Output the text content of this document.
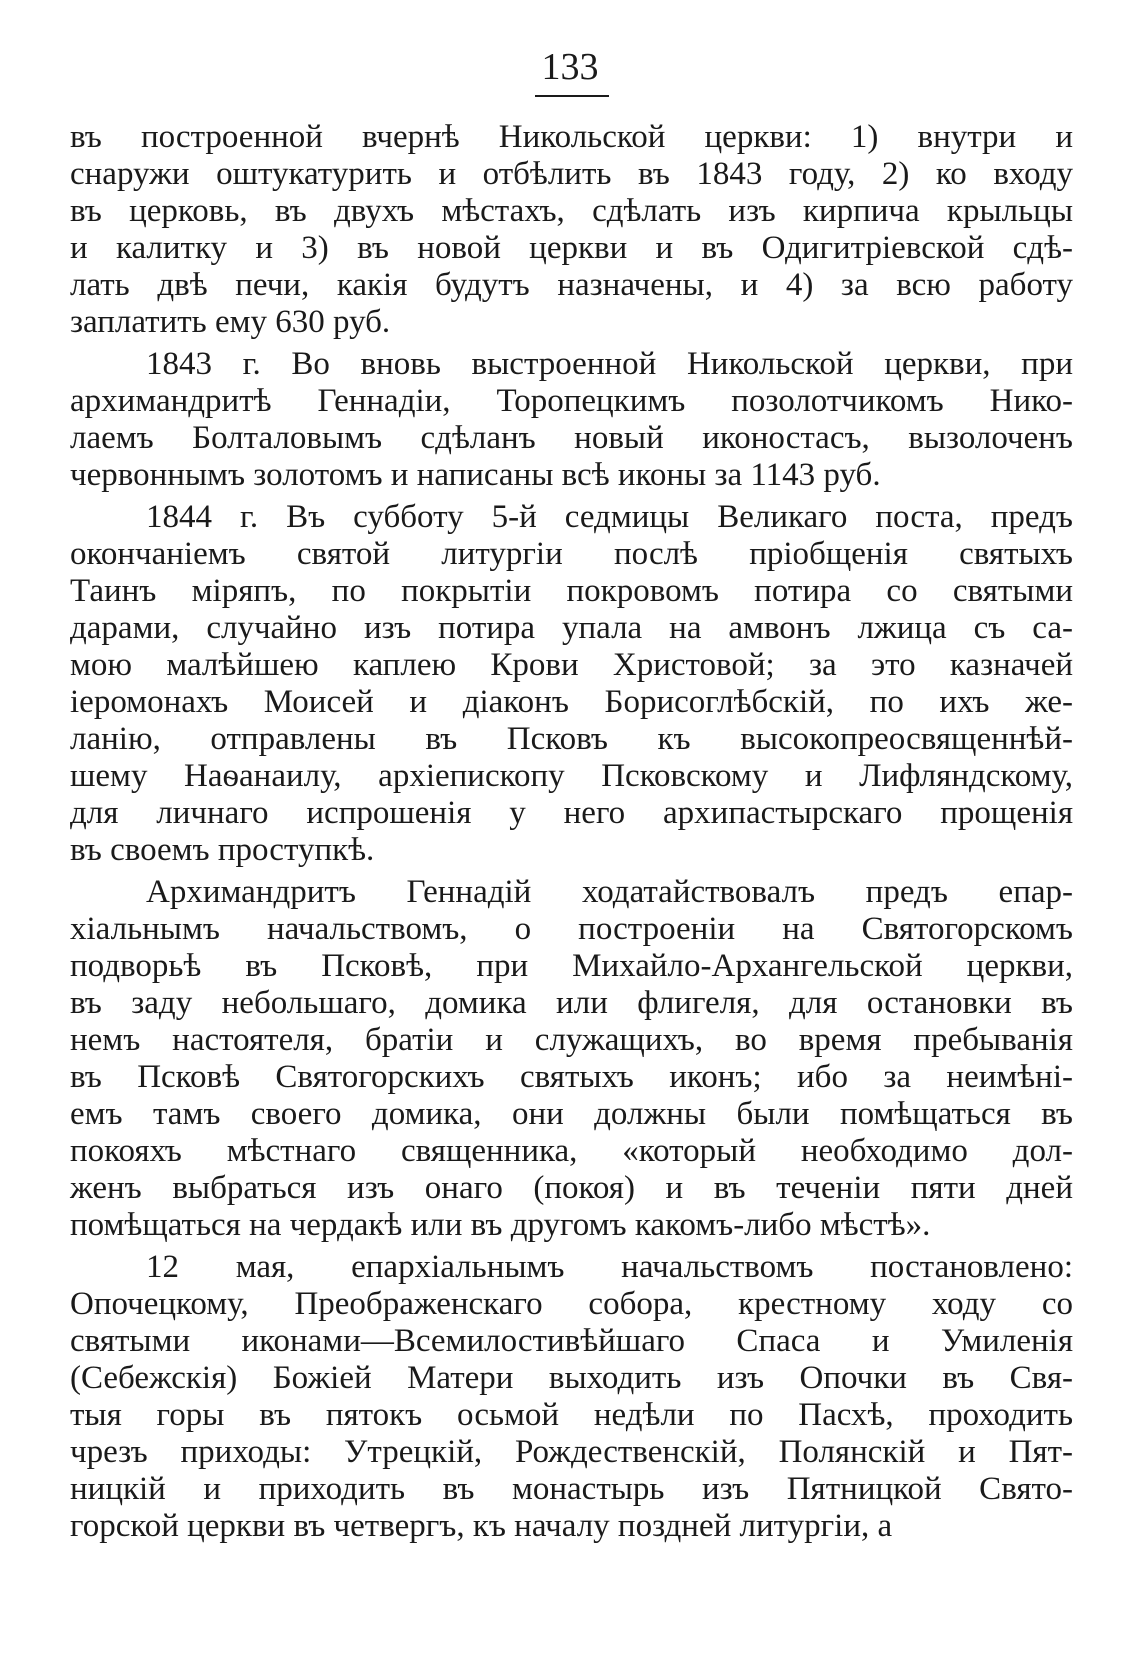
133
въ построенной вчернѣ Никольской церкви: 1) внутри и
снаружи оштукатурить и отбѣлить въ 1843 году, 2) ко входу
въ церковь, въ двухъ мѣстахъ, сдѣлать изъ кирпича крыльцы
и калитку и 3) въ новой церкви и въ Одигитріевской сдѣ-
лать двѣ печи, какія будутъ назначены, и 4) за всю работу
заплатить ему 630 руб.
1843 г. Во вновь выстроенной Никольской церкви, при
архимандритѣ Геннадіи, Торопецкимъ позолотчикомъ Нико-
лаемъ Болталовымъ сдѣланъ новый иконостасъ, вызолоченъ
червоннымъ золотомъ и написаны всѣ иконы за 1143 руб.
1844 г. Въ субботу 5-й седмицы Великаго поста, предъ
окончаніемъ святой литургіи послѣ пріобщенія святыхъ
Таинъ міряпъ, по покрытіи покровомъ потира со святыми
дарами, случайно изъ потира упала на амвонъ лжица съ са-
мою малѣйшею каплею Крови Христовой; за это казначей
іеромонахъ Моисей и діаконъ Борисоглѣбскій, по ихъ же-
ланію, отправлены въ Псковъ къ высокопреосвященнѣй-
шему Наѳанаилу, архіепископу Псковскому и Лифляндскому,
для личнаго испрошенія у него архипастырскаго прощенія
въ своемъ проступкѣ.
Архимандритъ Геннадій ходатайствовалъ предъ епар-
хіальнымъ начальствомъ, о построеніи на Святогорскомъ
подворьѣ въ Псковѣ, при Михайло-Архангельской церкви,
въ заду небольшаго, домика или флигеля, для остановки въ
немъ настоятеля, братіи и служащихъ, во время пребыванія
въ Псковѣ Святогорскихъ святыхъ иконъ; ибо за неимѣні-
емъ тамъ своего домика, они должны были помѣщаться въ
покояхъ мѣстнаго священника, «который необходимо дол-
женъ выбраться изъ онаго (покоя) и въ теченіи пяти дней
помѣщаться на чердакѣ или въ другомъ какомъ-либо мѣстѣ».
12 мая, епархіальнымъ начальствомъ постановлено:
Опочецкому, Преображенскаго собора, крестному ходу со
святыми иконами—Всемилостивѣйшаго Спаса и Умиленія
(Себежскія) Божіей Матери выходить изъ Опочки въ Свя-
тыя горы въ пятокъ осьмой недѣли по Пасхѣ, проходить
чрезъ приходы: Утрецкій, Рождественскій, Полянскій и Пят-
ницкій и приходить въ монастырь изъ Пятницкой Свято-
горской церкви въ четвергъ, къ началу поздней литургіи, а
